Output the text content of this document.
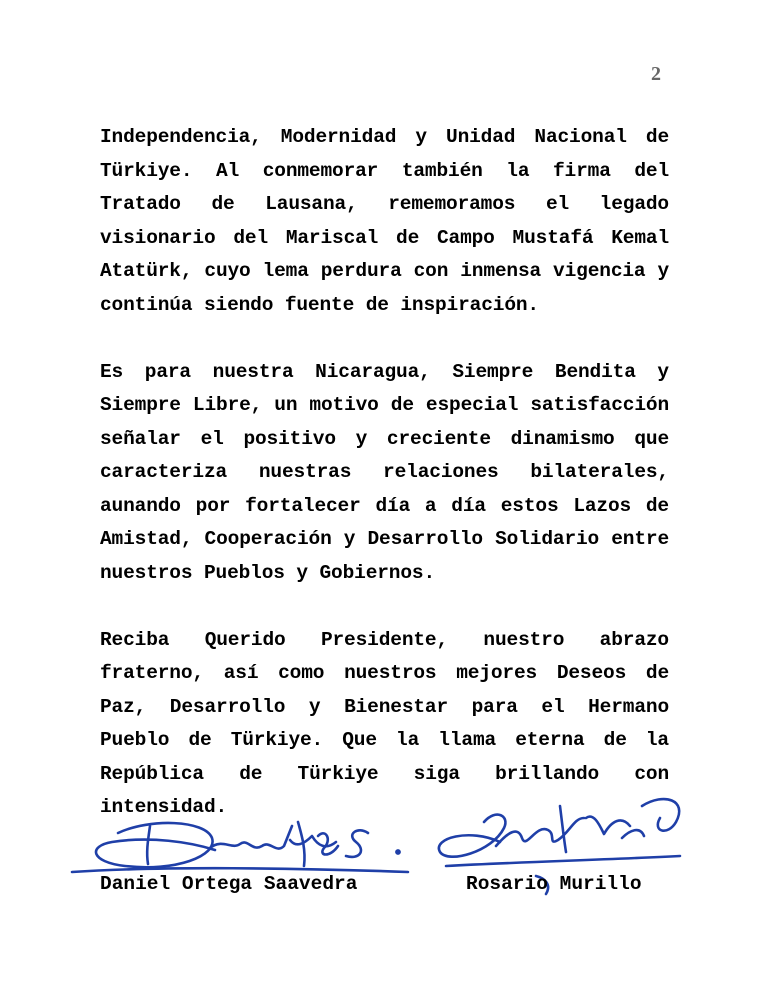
2

Independencia, Modernidad y Unidad Nacional de Türkiye. Al conmemorar también la firma del Tratado de Lausana, rememoramos el legado visionario del Mariscal de Campo Mustafá Kemal Atatürk, cuyo lema perdura con inmensa vigencia y continúa siendo fuente de inspiración.

Es para nuestra Nicaragua, Siempre Bendita y Siempre Libre, un motivo de especial satisfacción señalar el positivo y creciente dinamismo que caracteriza nuestras relaciones bilaterales, aunando por fortalecer día a día estos Lazos de Amistad, Cooperación y Desarrollo Solidario entre nuestros Pueblos y Gobiernos.

Reciba Querido Presidente, nuestro abrazo fraterno, así como nuestros mejores Deseos de Paz, Desarrollo y Bienestar para el Hermano Pueblo de Türkiye. Que la llama eterna de la República de Türkiye siga brillando con intensidad.

Daniel Ortega Saavedra	Rosario Murillo
